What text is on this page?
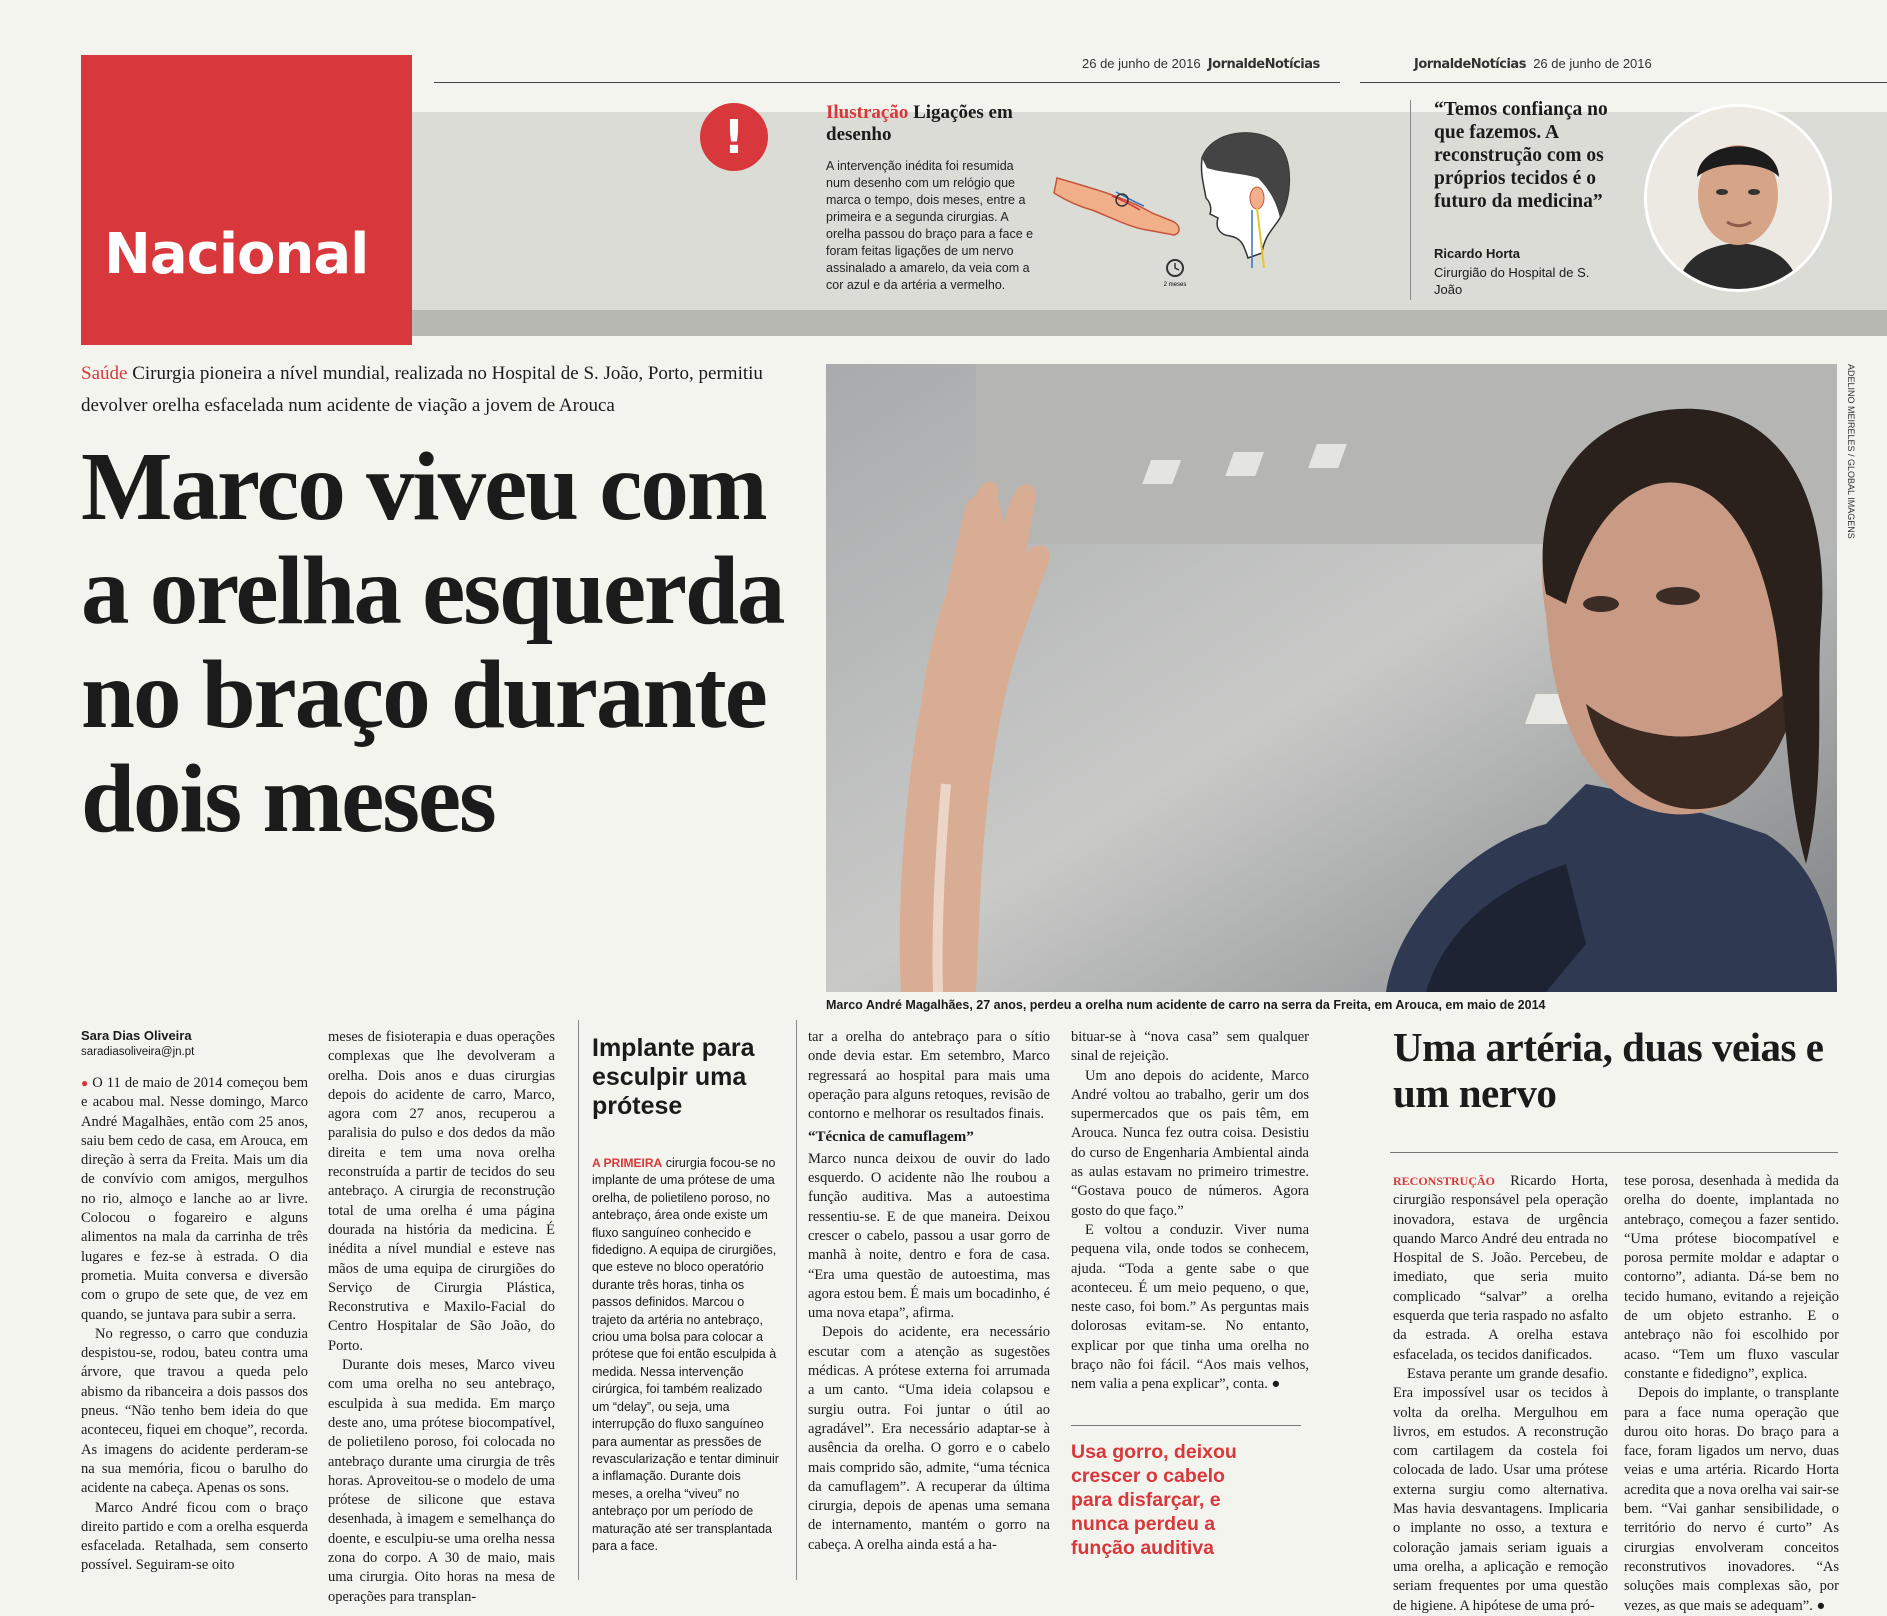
26 de junho de 2016 JornaldeNotícias	JornaldeNotícias 26 de junho de 2016
Nacional
!	Ilustração Ligações em desenho
A intervenção inédita foi resumida num desenho com um relógio que marca o tempo, dois meses, entre a primeira e a segunda cirurgias. A orelha passou do braço para a face e foram feitas ligações de um nervo assinalado a amarelo, da veia com a cor azul e da artéria a vermelho.	2 meses
“Temos confiança no que fazemos. A reconstrução com os próprios tecidos é o futuro da medicina”
Ricardo Horta
Cirurgião do Hospital de S. João
Saúde Cirurgia pioneira a nível mundial, realizada no Hospital de S. João, Porto, permitiu devolver orelha esfacelada num acidente de viação a jovem de Arouca
Marco viveu com a orelha esquerda no braço durante dois meses
ADELINO MEIRELES / GLOBAL IMAGENS
Marco André Magalhães, 27 anos, perdeu a orelha num acidente de carro na serra da Freita, em Arouca, em maio de 2014
Sara Dias Oliveira
saradiasoliveira@jn.pt

● O 11 de maio de 2014 começou bem e acabou mal. Nesse domingo, Marco André Magalhães, então com 25 anos, saiu bem cedo de casa, em Arouca, em direção à serra da Freita. Mais um dia de convívio com amigos, mergulhos no rio, almoço e lanche ao ar livre. Colocou o fogareiro e alguns alimentos na mala da carrinha de três lugares e fez-se à estrada. O dia prometia. Muita conversa e diversão com o grupo de sete que, de vez em quando, se juntava para subir a serra.

No regresso, o carro que conduzia despistou-se, rodou, bateu contra uma árvore, que travou a queda pelo abismo da ribanceira a dois passos dos pneus. “Não tenho bem ideia do que aconteceu, fiquei em choque”, recorda. As imagens do acidente perderam-se na sua memória, ficou o barulho do acidente na cabeça. Apenas os sons.

Marco André ficou com o braço direito partido e com a orelha esquerda esfacelada. Retalhada, sem conserto possível. Seguiram-se oito

meses de fisioterapia e duas operações complexas que lhe devolveram a orelha. Dois anos e duas cirurgias depois do acidente de carro, Marco, agora com 27 anos, recuperou a paralisia do pulso e dos dedos da mão direita e tem uma nova orelha reconstruída a partir de tecidos do seu antebraço. A cirurgia de reconstrução total de uma orelha é uma página dourada na história da medicina. É inédita a nível mundial e esteve nas mãos de uma equipa de cirurgiões do Serviço de Cirurgia Plástica, Reconstrutiva e Maxilo-Facial do Centro Hospitalar de São João, do Porto.

Durante dois meses, Marco viveu com uma orelha no seu antebraço, esculpida à sua medida. Em março deste ano, uma prótese biocompatível, de polietileno poroso, foi colocada no antebraço durante uma cirurgia de três horas. Aproveitou-se o modelo de uma prótese de silicone que estava desenhada, à imagem e semelhança do doente, e esculpiu-se uma orelha nessa zona do corpo. A 30 de maio, mais uma cirurgia. Oito horas na mesa de operações para transplan-

Implante para esculpir uma prótese
A PRIMEIRA cirurgia focou-se no implante de uma prótese de uma orelha, de polietileno poroso, no antebraço, área onde existe um fluxo sanguíneo conhecido e fidedigno. A equipa de cirurgiões, que esteve no bloco operatório durante três horas, tinha os passos definidos. Marcou o trajeto da artéria no antebraço, criou uma bolsa para colocar a prótese que foi então esculpida à medida. Nessa intervenção cirúrgica, foi também realizado um “delay”, ou seja, uma interrupção do fluxo sanguíneo para aumentar as pressões de revascularização e tentar diminuir a inflamação. Durante dois meses, a orelha “viveu” no antebraço por um período de maturação até ser transplantada para a face.

tar a orelha do antebraço para o sítio onde devia estar. Em setembro, Marco regressará ao hospital para mais uma operação para alguns retoques, revisão de contorno e melhorar os resultados finais.

“Técnica de camuflagem”

Marco nunca deixou de ouvir do lado esquerdo. O acidente não lhe roubou a função auditiva. Mas a autoestima ressentiu-se. E de que maneira. Deixou crescer o cabelo, passou a usar gorro de manhã à noite, dentro e fora de casa. “Era uma questão de autoestima, mas agora estou bem. É mais um bocadinho, é uma nova etapa”, afirma.

Depois do acidente, era necessário escutar com a atenção as sugestões médicas. A prótese externa foi arrumada a um canto. “Uma ideia colapsou e surgiu outra. Foi juntar o útil ao agradável”. Era necessário adaptar-se à ausência da orelha. O gorro e o cabelo mais comprido são, admite, “uma técnica da camuflagem”. A recuperar da última cirurgia, depois de apenas uma semana de internamento, mantém o gorro na cabeça. A orelha ainda está a ha-

bituar-se à “nova casa” sem qualquer sinal de rejeição.

Um ano depois do acidente, Marco André voltou ao trabalho, gerir um dos supermercados que os pais têm, em Arouca. Nunca fez outra coisa. Desistiu do curso de Engenharia Ambiental ainda as aulas estavam no primeiro trimestre. “Gostava pouco de números. Agora gosto do que faço.”

E voltou a conduzir. Viver numa pequena vila, onde todos se conhecem, ajuda. “Toda a gente sabe o que aconteceu. É um meio pequeno, o que, neste caso, foi bom.” As perguntas mais dolorosas evitam-se. No entanto, explicar por que tinha uma orelha no braço não foi fácil. “Aos mais velhos, nem valia a pena explicar”, conta. ●

Usa gorro, deixou crescer o cabelo para disfarçar, e nunca perdeu a função auditiva
Uma artéria, duas veias e um nervo

RECONSTRUÇÃO Ricardo Horta, cirurgião responsável pela operação inovadora, estava de urgência quando Marco André deu entrada no Hospital de S. João. Percebeu, de imediato, que seria muito complicado “salvar” a orelha esquerda que teria raspado no asfalto da estrada. A orelha estava esfacelada, os tecidos danificados.

Estava perante um grande desafio. Era impossível usar os tecidos à volta da orelha. Mergulhou em livros, em estudos. A reconstrução com cartilagem da costela foi colocada de lado. Usar uma prótese externa surgiu como alternativa. Mas havia desvantagens. Implicaria o implante no osso, a textura e coloração jamais seriam iguais a uma orelha, a aplicação e remoção seriam frequentes por uma questão de higiene. A hipótese de uma pró-

tese porosa, desenhada à medida da orelha do doente, implantada no antebraço, começou a fazer sentido. “Uma prótese biocompatível e porosa permite moldar e adaptar o contorno”, adianta. Dá-se bem no tecido humano, evitando a rejeição de um objeto estranho. E o antebraço não foi escolhido por acaso. “Tem um fluxo vascular constante e fidedigno”, explica.

Depois do implante, o transplante para a face numa operação que durou oito horas. Do braço para a face, foram ligados um nervo, duas veias e uma artéria. Ricardo Horta acredita que a nova orelha vai sair-se bem. “Vai ganhar sensibilidade, o território do nervo é curto” As cirurgias envolveram conceitos reconstrutivos inovadores. “As soluções mais complexas são, por vezes, as que mais se adequam”. ●
